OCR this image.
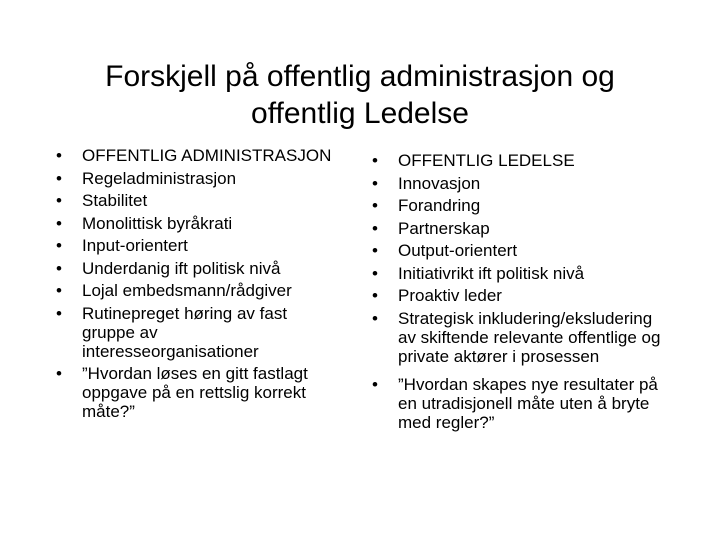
Forskjell på offentlig administrasjon og
offentlig Ledelse
• OFFENTLIG ADMINISTRASJON
• Regeladministrasjon
• Stabilitet
• Monolittisk byråkrati
• Input-orientert
• Underdanig ift politisk nivå
• Lojal embedsmann/rådgiver
• Rutinepreget høring av fast gruppe av interesseorganisationer
• ”Hvordan løses en gitt fastlagt oppgave på en rettslig korrekt måte?”
• OFFENTLIG LEDELSE
• Innovasjon
• Forandring
• Partnerskap
• Output-orientert
• Initiativrikt ift politisk nivå
• Proaktiv leder
• Strategisk inkludering/eksludering av skiftende relevante offentlige og private aktører i prosessen
• ”Hvordan skapes nye resultater på en utradisjonell måte uten å bryte med regler?”
